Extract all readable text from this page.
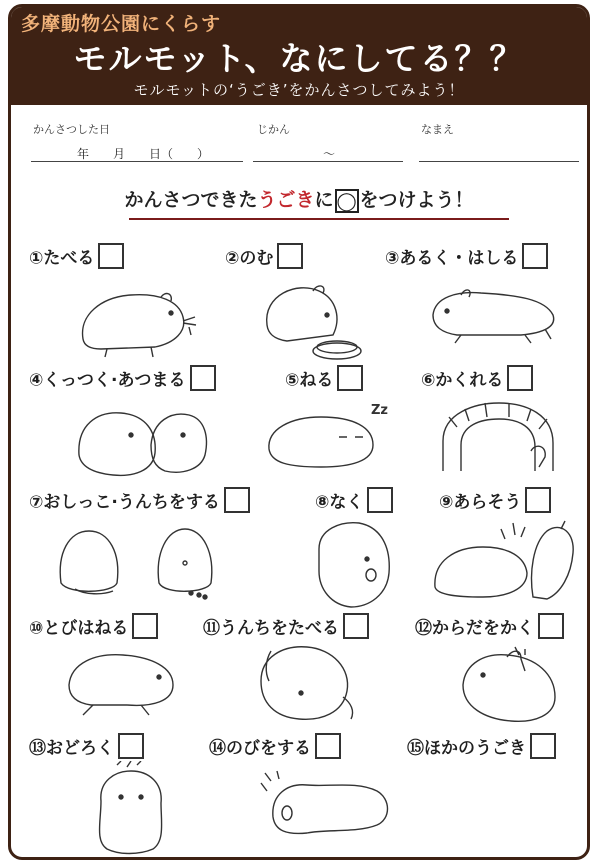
多摩動物公園にくらす
モルモット、なにしてる？？
モルモットの‘うごき’をかんさつしてみよう！
かんさつした日
年　　月　　日（　　）
じかん
〜
なまえ
かんさつできたうごきに ◯ をつけよう！
①たべる	②のむ	③あるく・はしる
④くっつく·あつまる	⑤ねる	⑥かくれる
Zz
⑦おしっこ·うんちをする	⑧なく	⑨あらそう
⑩とびはねる	⑪うんちをたべる	⑫からだをかく
⑬おどろく	⑭のびをする	⑮ほかのうごき
